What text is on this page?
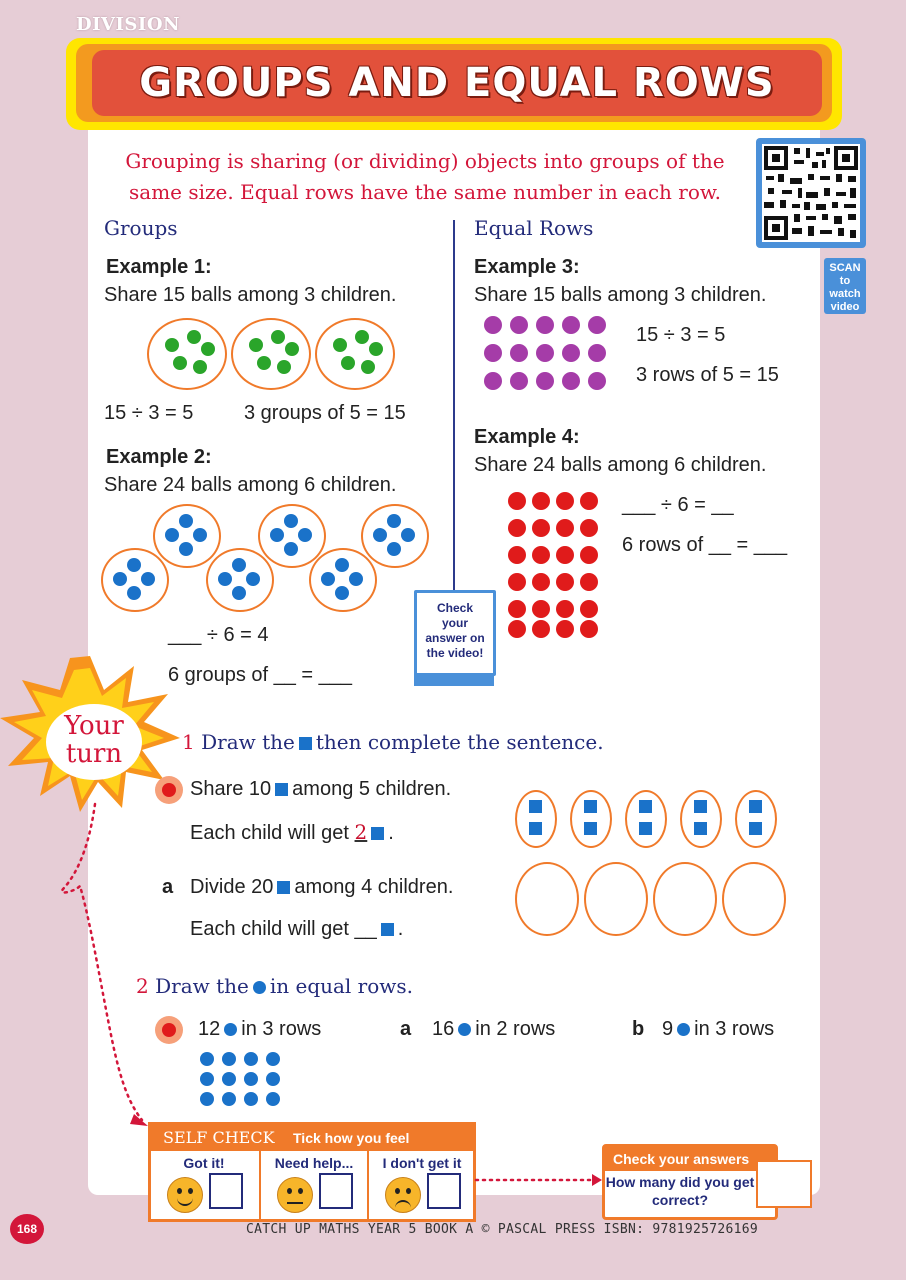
DIVISION
GROUPS AND EQUAL ROWS
Grouping is sharing (or dividing) objects into groups of the same size. Equal rows have the same number in each row.
SCAN
to
watch
video
Groups
Example 1:
Share 15 balls among 3 children.
15 ÷ 3 = 5	3 groups of 5 = 15
Example 2:
Share 24 balls among 6 children.
___ ÷ 6 = 4
6 groups of __ = ___
Equal Rows
Example 3:
Share 15 balls among 3 children.
15 ÷ 3 = 5
3 rows of 5 = 15
Example 4:
Share 24 balls among 6 children.
___ ÷ 6 = __
6 rows of __ = ___
Check
your
answer on
the video!
Your
turn	1 Draw the then complete the sentence.
Share 10 among 5 children.
Each child will get 2 .
a Divide 20 among 4 children.
Each child will get __ .
2 Draw the in equal rows.
12 in 3 rows	a 16 in 2 rows	b 9 in 3 rows
SELF CHECK Tick how you feel
Got it!	Need help...	I don't get it	Check your answers
How many did you get correct?
168	CATCH UP MATHS YEAR 5 BOOK A © PASCAL PRESS ISBN: 9781925726169
